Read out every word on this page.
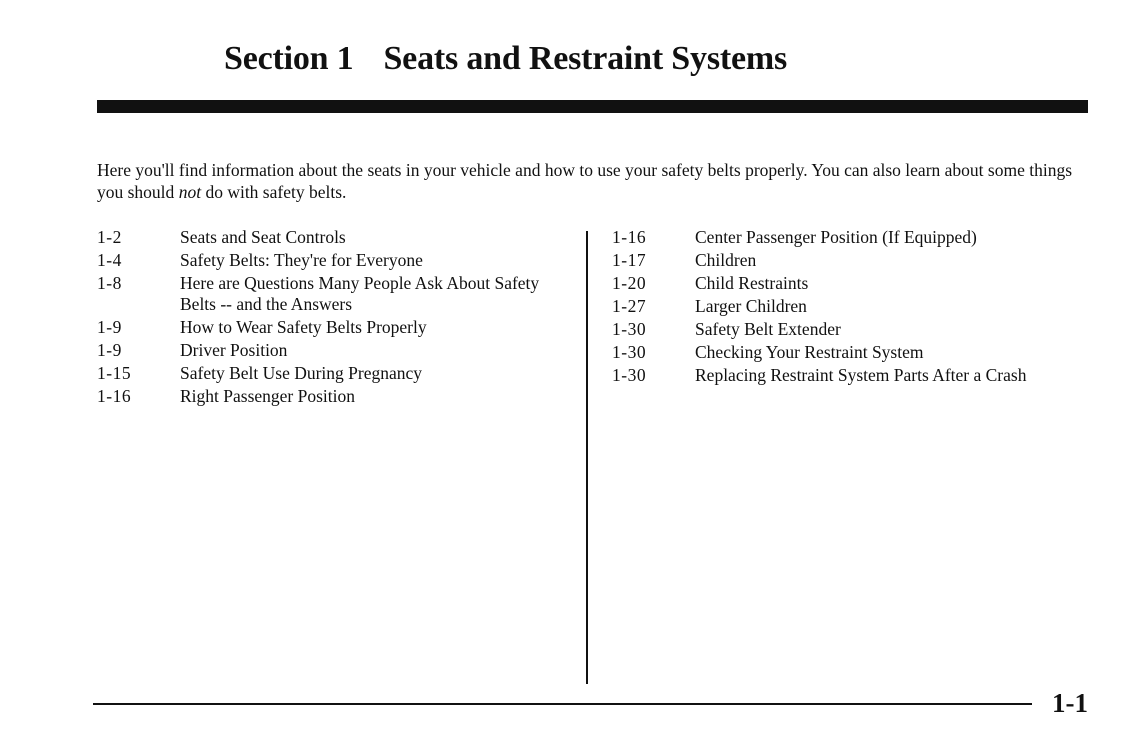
Section 1 Seats and Restraint Systems

Here you'll find information about the seats in your vehicle and how to use your safety belts properly. You can also learn about some things you should not do with safety belts.

1-2	Seats and Seat Controls
1-4	Safety Belts: They're for Everyone
1-8	Here are Questions Many People Ask About Safety Belts -- and the Answers
1-9	How to Wear Safety Belts Properly
1-9	Driver Position
1-15	Safety Belt Use During Pregnancy
1-16	Right Passenger Position
1-16	Center Passenger Position (If Equipped)
1-17	Children
1-20	Child Restraints
1-27	Larger Children
1-30	Safety Belt Extender
1-30	Checking Your Restraint System
1-30	Replacing Restraint System Parts After a Crash
1-1
